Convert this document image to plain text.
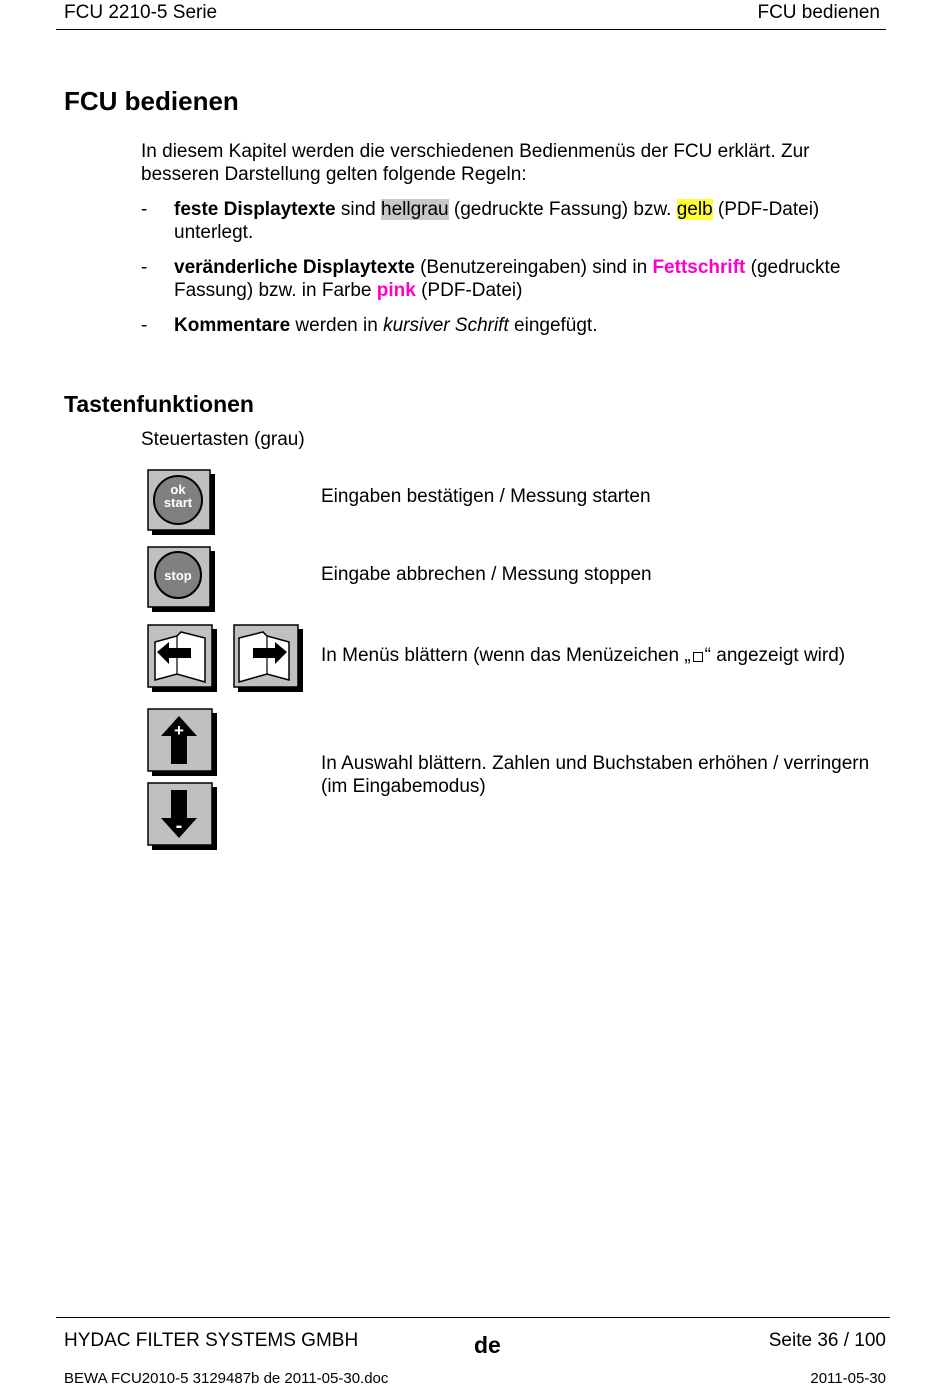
FCU 2210-5 Serie	FCU bedienen
FCU bedienen
In diesem Kapitel werden die verschiedenen Bedienmenüs der FCU erklärt. Zur besseren Darstellung gelten folgende Regeln:
- feste Displaytexte sind hellgrau (gedruckte Fassung) bzw. gelb (PDF-Datei) unterlegt.
- veränderliche Displaytexte (Benutzereingaben) sind in Fettschrift (gedruckte Fassung) bzw. in Farbe pink (PDF-Datei)
- Kommentare werden in kursiver Schrift eingefügt.
Tastenfunktionen
Steuertasten (grau)
ok
start	Eingaben bestätigen / Messung starten
stop	Eingabe abbrechen / Messung stoppen
In Menüs blättern (wenn das Menüzeichen „ “ angezeigt wird)
+
-
In Auswahl blättern. Zahlen und Buchstaben erhöhen / verringern (im Eingabemodus)
HYDAC FILTER SYSTEMS GMBH	de	Seite 36 / 100
BEWA FCU2010-5 3129487b de 2011-05-30.doc	2011-05-30
